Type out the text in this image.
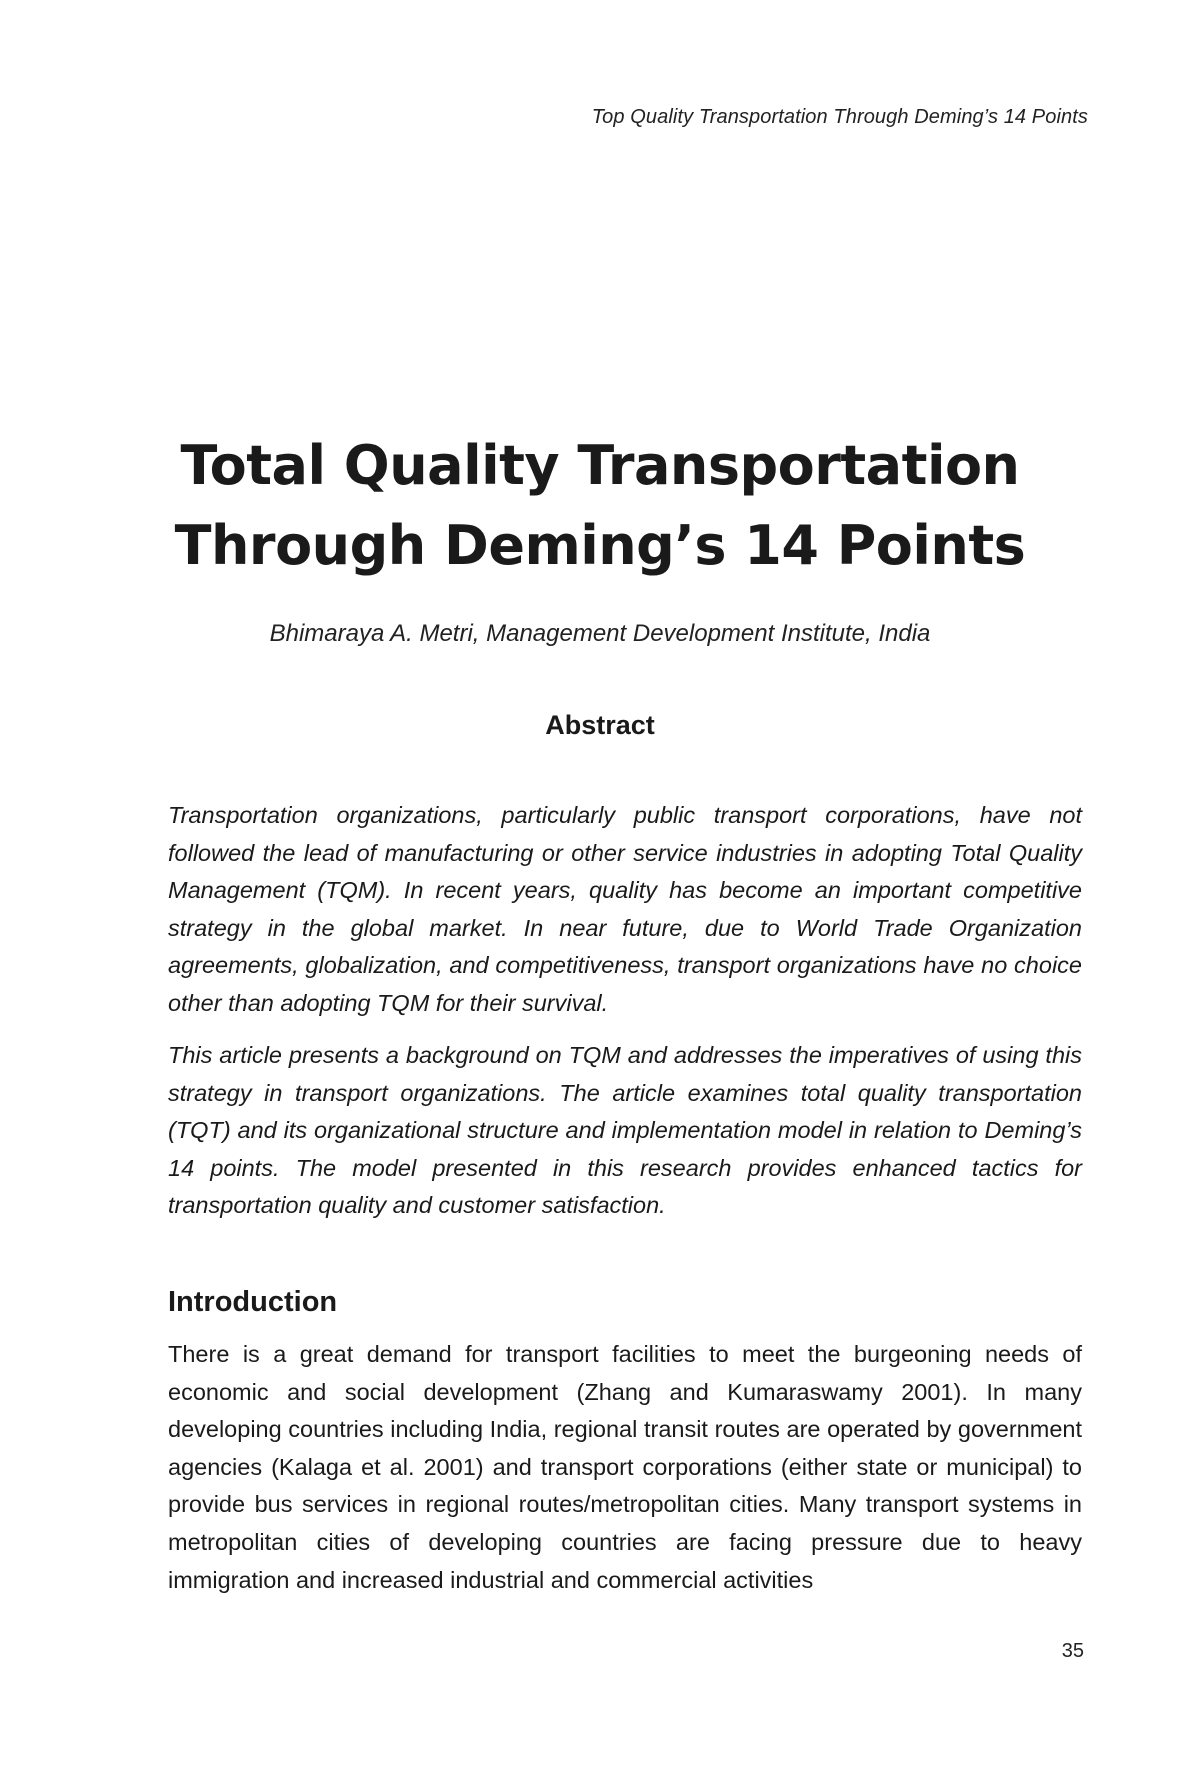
Top Quality Transportation Through Deming’s 14 Points
Total Quality Transportation
Through Deming’s 14 Points
Bhimaraya A. Metri, Management Development Institute, India
Abstract

Transportation organizations, particularly public transport corporations, have not followed the lead of manufacturing or other service industries in adopting Total Quality Management (TQM). In recent years, quality has become an important competitive strategy in the global market. In near future, due to World Trade Organization agreements, globalization, and competitiveness, transport organizations have no choice other than adopting TQM for their survival.

This article presents a background on TQM and addresses the imperatives of using this strategy in transport organizations. The article examines total quality transportation (TQT) and its organizational structure and implementation model in relation to Deming’s 14 points. The model presented in this research provides enhanced tactics for transportation quality and customer satisfaction.

Introduction

There is a great demand for transport facilities to meet the burgeoning needs of economic and social development (Zhang and Kumaraswamy 2001). In many developing countries including India, regional transit routes are operated by government agencies (Kalaga et al. 2001) and transport corporations (either state or municipal) to provide bus services in regional routes/metropolitan cities. Many transport systems in metropolitan cities of developing countries are facing pressure due to heavy immigration and increased industrial and commercial activities

35
